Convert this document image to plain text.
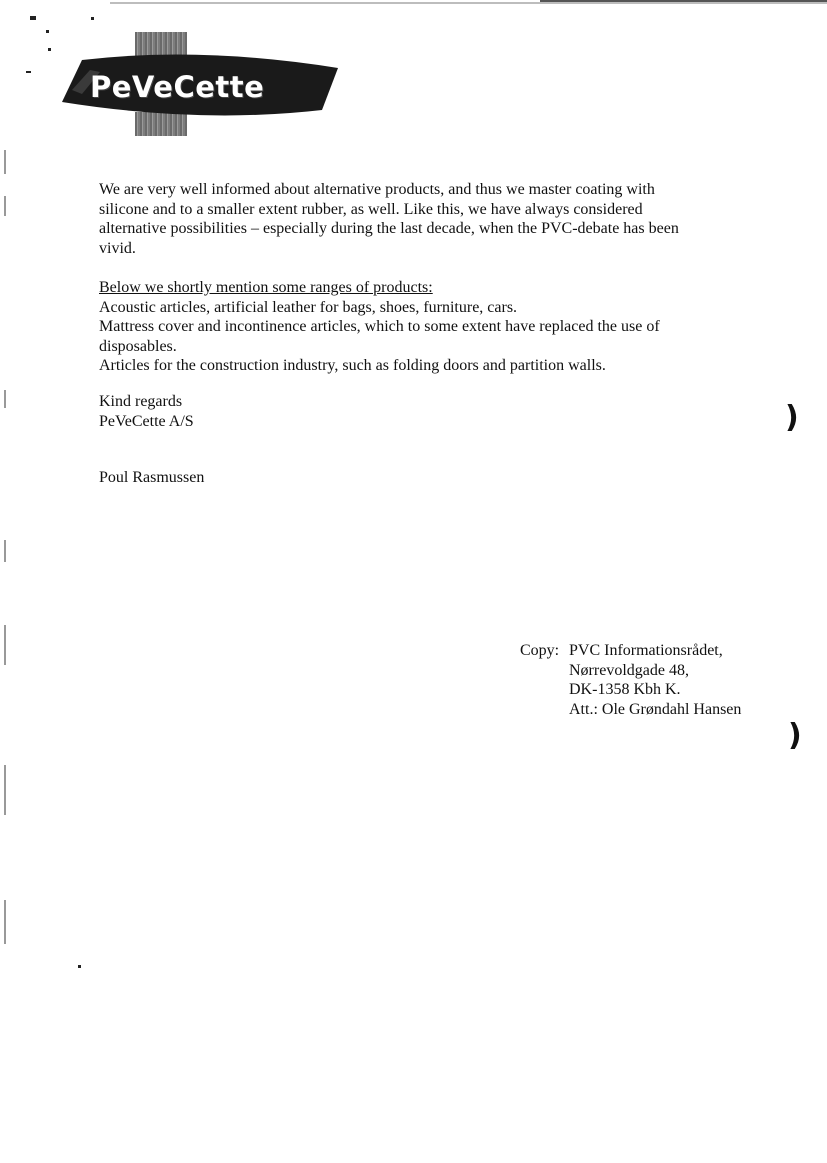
PeVeCette
We are very well informed about alternative products, and thus we master coating with
silicone and to a smaller extent rubber, as well. Like this, we have always considered
alternative possibilities – especially during the last decade, when the PVC-debate has been
vivid.
Below we shortly mention some ranges of products:
Acoustic articles, artificial leather for bags, shoes, furniture, cars.
Mattress cover and incontinence articles, which to some extent have replaced the use of
disposables.
Articles for the construction industry, such as folding doors and partition walls.
Kind regards
PeVeCette A/S
Poul Rasmussen
Copy: PVC Informationsrådet,
Nørrevoldgade 48,
DK-1358 Kbh K.
Att.: Ole Grøndahl Hansen
)
)
